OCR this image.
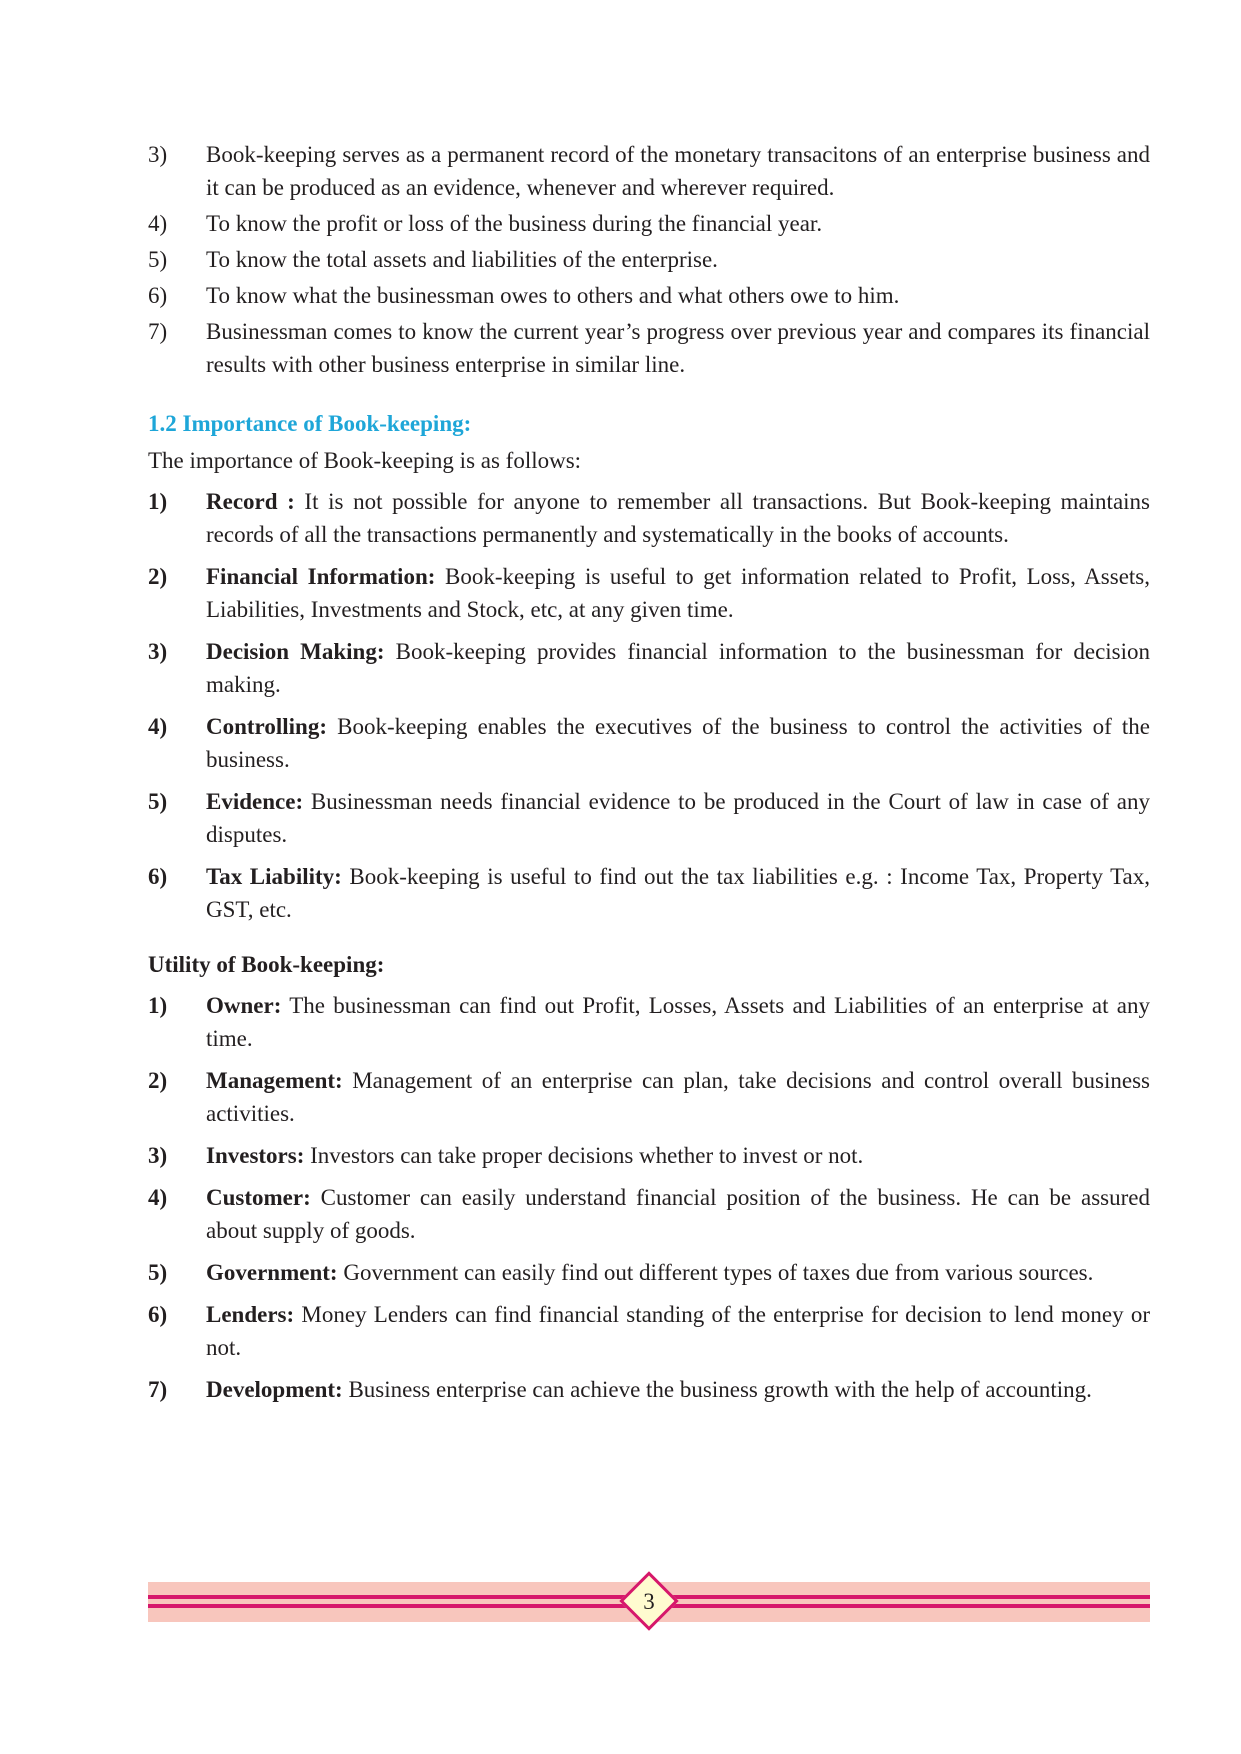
3) Book-keeping serves as a permanent record of the monetary transacitons of an enterprise business and it can be produced as an evidence, whenever and wherever required.
4) To know the profit or loss of the business during the financial year.
5) To know the total assets and liabilities of the enterprise.
6) To know what the businessman owes to others and what others owe to him.
7) Businessman comes to know the current year’s progress over previous year and compares its financial results with other business enterprise in similar line.
1.2 Importance of Book-keeping:
The importance of Book-keeping is as follows:
1) Record : It is not possible for anyone to remember all transactions. But Book-keeping maintains records of all the transactions permanently and systematically in the books of accounts.
2) Financial Information: Book-keeping is useful to get information related to Profit, Loss, Assets, Liabilities, Investments and Stock, etc, at any given time.
3) Decision Making: Book-keeping provides financial information to the businessman for decision making.
4) Controlling: Book-keeping enables the executives of the business to control the activities of the business.
5) Evidence: Businessman needs financial evidence to be produced in the Court of law in case of any disputes.
6) Tax Liability: Book-keeping is useful to find out the tax liabilities e.g. : Income Tax, Property Tax, GST, etc.
Utility of Book-keeping:
1) Owner: The businessman can find out Profit, Losses, Assets and Liabilities of an enterprise at any time.
2) Management: Management of an enterprise can plan, take decisions and control overall business activities.
3) Investors: Investors can take proper decisions whether to invest or not.
4) Customer: Customer can easily understand financial position of the business. He can be assured about supply of goods.
5) Government: Government can easily find out different types of taxes due from various sources.
6) Lenders: Money Lenders can find financial standing of the enterprise for decision to lend money or not.
7) Development: Business enterprise can achieve the business growth with the help of accounting.
3
